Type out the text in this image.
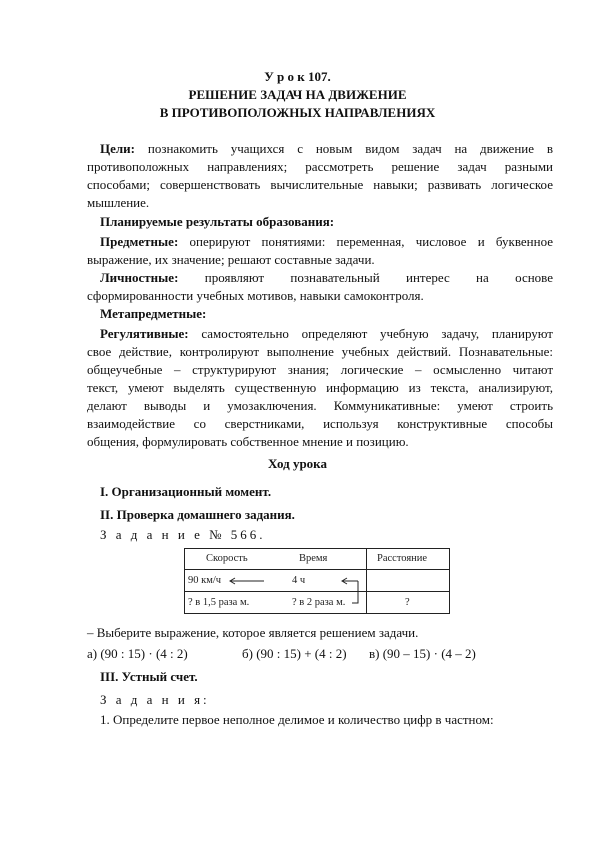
У р о к 107.
РЕШЕНИЕ ЗАДАЧ НА ДВИЖЕНИЕ
В ПРОТИВОПОЛОЖНЫХ НАПРАВЛЕНИЯХ
Цели: познакомить учащихся с новым видом задач на движение в
противоположных направлениях; рассмотреть решение задач разными
способами; совершенствовать вычислительные навыки; развивать логическое
мышление.
Планируемые результаты образования:
Предметные: оперируют понятиями: переменная, числовое и буквенное
выражение, их значение; решают составные задачи.
Личностные: проявляют познавательный интерес на основе
сформированности учебных мотивов, навыки самоконтроля.
Метапредметные:
Регулятивные: самостоятельно определяют учебную задачу, планируют
свое действие, контролируют выполнение учебных действий. Познавательные:
общеучебные – структурируют знания; логические – осмысленно читают
текст, умеют выделять существенную информацию из текста, анализируют,
делают выводы и умозаключения. Коммуникативные: умеют строить
взаимодействие со сверстниками, используя конструктивные способы
общения, формулировать собственное мнение и позицию.
Ход урока
I. Организационный момент.
II. Проверка домашнего задания.
З а д а н и е № 566.
Скорость	Время	Расстояние
90 км/ч	4 ч
? в 1,5 раза м.	? в 2 раза м.	?
– Выберите выражение, которое является решением задачи.
а) (90 : 15) · (4 : 2)	б) (90 : 15) + (4 : 2) в) (90 – 15) · (4 – 2)
III. Устный счет.
З а д а н и я:
1. Определите первое неполное делимое и количество цифр в частном:
